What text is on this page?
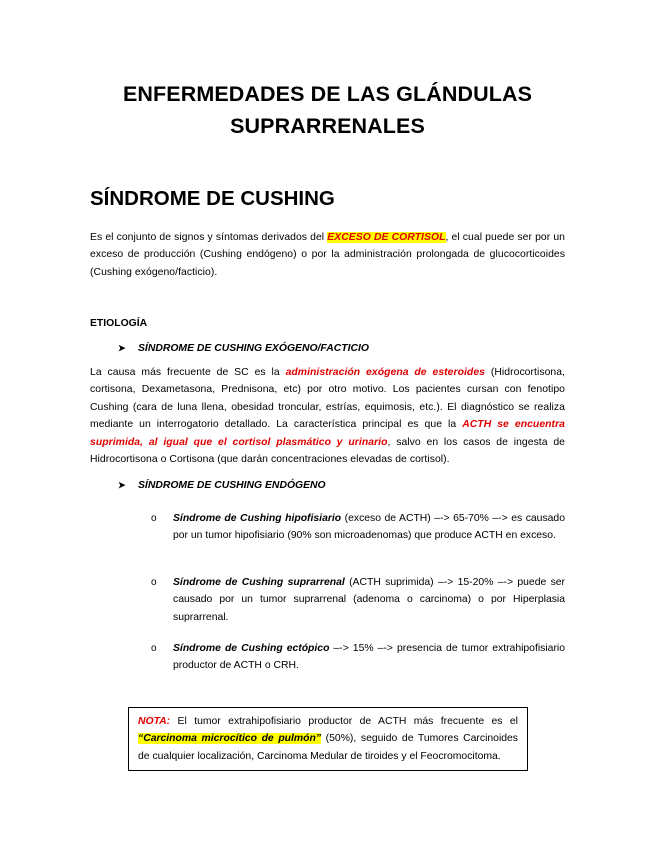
ENFERMEDADES DE LAS GLÁNDULAS
SUPRARRENALES
SÍNDROME DE CUSHING
Es el conjunto de signos y síntomas derivados del EXCESO DE CORTISOL, el cual puede ser por un exceso de producción (Cushing endógeno) o por la administración prolongada de glucocorticoides (Cushing exógeno/facticio).
ETIOLOGÍA
➤ SÍNDROME DE CUSHING EXÓGENO/FACTICIO
La causa más frecuente de SC es la administración exógena de esteroides (Hidrocortisona, cortisona, Dexametasona, Prednisona, etc) por otro motivo. Los pacientes cursan con fenotipo Cushing (cara de luna llena, obesidad troncular, estrías, equimosis, etc.). El diagnóstico se realiza mediante un interrogatorio detallado. La característica principal es que la ACTH se encuentra suprimida, al igual que el cortisol plasmático y urinario, salvo en los casos de ingesta de Hidrocortisona o Cortisona (que darán concentraciones elevadas de cortisol).
➤ SÍNDROME DE CUSHING ENDÓGENO
o Síndrome de Cushing hipofisiario (exceso de ACTH) –-> 65-70% –-> es causado por un tumor hipofisiario (90% son microadenomas) que produce ACTH en exceso.
o Síndrome de Cushing suprarrenal (ACTH suprimida) –-> 15-20% –-> puede ser causado por un tumor suprarrenal (adenoma o carcinoma) o por Hiperplasia suprarrenal.
o Síndrome de Cushing ectópico –-> 15% –-> presencia de tumor extrahipofisiario productor de ACTH o CRH.
NOTA: El tumor extrahipofisiario productor de ACTH más frecuente es el “Carcinoma microcítico de pulmón” (50%), seguido de Tumores Carcinoides de cualquier localización, Carcinoma Medular de tiroides y el Feocromocitoma.
